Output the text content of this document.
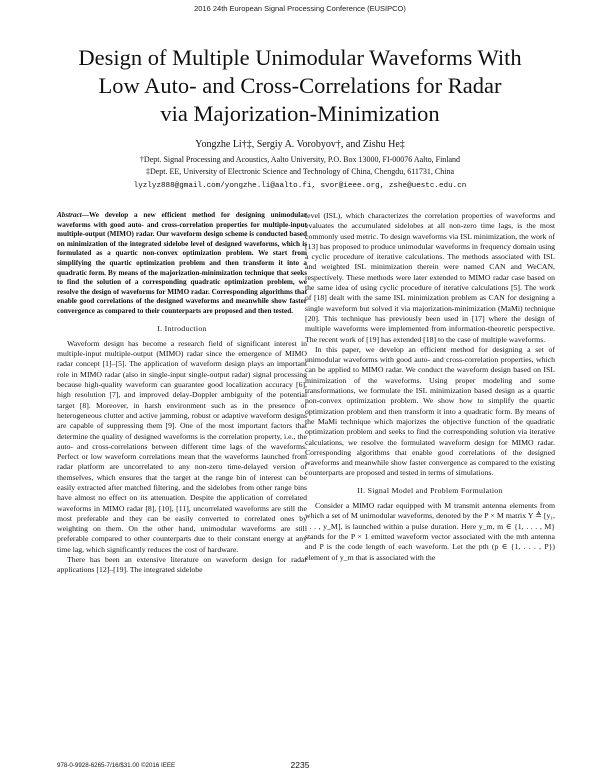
2016 24th European Signal Processing Conference (EUSIPCO)
Design of Multiple Unimodular Waveforms With
Low Auto- and Cross-Correlations for Radar
via Majorization-Minimization
Yongzhe Li†‡, Sergiy A. Vorobyov†, and Zishu He‡
†Dept. Signal Processing and Acoustics, Aalto University, P.O. Box 13000, FI-00076 Aalto, Finland
‡Dept. EE, University of Electronic Science and Technology of China, Chengdu, 611731, China
lyzlyz888@gmail.com/yongzhe.li@aalto.fi, svor@ieee.org, zshe@uestc.edu.cn
Abstract—We develop a new efficient method for designing unimodular waveforms with good auto- and cross-correlation properties for multiple-input multiple-output (MIMO) radar. Our waveform design scheme is conducted based on minimization of the integrated sidelobe level of designed waveforms, which is formulated as a quartic non-convex optimization problem. We start from simplifying the quartic optimization problem and then transform it into a quadratic form. By means of the majorization-minimization technique that seeks to find the solution of a corresponding quadratic optimization problem, we resolve the design of waveforms for MIMO radar. Corresponding algorithms that enable good correlations of the designed waveforms and meanwhile show faster convergence as compared to their counterparts are proposed and then tested.
I. Introduction

Waveform design has become a research field of significant interest in multiple-input multiple-output (MIMO) radar since the emergence of MIMO radar concept [1]–[5]. The application of waveform design plays an important role in MIMO radar (also in single-input single-output radar) signal processing because high-quality waveform can guarantee good localization accuracy [6], high resolution [7], and improved delay-Doppler ambiguity of the potential target [8]. Moreover, in harsh environment such as in the presence of heterogeneous clutter and active jamming, robust or adaptive waveform designs are capable of suppressing them [9]. One of the most important factors that determine the quality of designed waveforms is the correlation property, i.e., the auto- and cross-correlations between different time lags of the waveforms. Perfect or low waveform correlations mean that the waveforms launched from radar platform are uncorrelated to any non-zero time-delayed version of themselves, which ensures that the target at the range bin of interest can be easily extracted after matched filtering, and the sidelobes from other range bins have almost no effect on its attenuation. Despite the application of correlated waveforms in MIMO radar [8], [10], [11], uncorrelated waveforms are still the most preferable and they can be easily converted to correlated ones by weighting on them. On the other hand, unimodular waveforms are still preferable compared to other counterparts due to their constant energy at any time lag, which significantly reduces the cost of hardware.

There has been an extensive literature on waveform design for radar applications [12]–[19]. The integrated sidelobe

level (ISL), which characterizes the correlation properties of waveforms and evaluates the accumulated sidelobes at all non-zero time lags, is the most commonly used metric. To design waveforms via ISL minimization, the work of [13] has proposed to produce unimodular waveforms in frequency domain using a cyclic procedure of iterative calculations. The methods associated with ISL and weighted ISL minimization therein were named CAN and WeCAN, respectively. These methods were later extended to MIMO radar case based on the same idea of using cyclic procedure of iterative calculations [5]. The work of [18] dealt with the same ISL minimization problem as CAN for designing a single waveform but solved it via majorization-minimization (MaMi) technique [20]. This technique has previously been used in [17] where the design of multiple waveforms were implemented from information-theoretic perspective. The recent work of [19] has extended [18] to the case of multiple waveforms.

In this paper, we develop an efficient method for designing a set of unimodular waveforms with good auto- and cross-correlation properties, which can be applied to MIMO radar. We conduct the waveform design based on ISL minimization of the waveforms. Using proper modeling and some transformations, we formulate the ISL minimization based design as a quartic non-convex optimization problem. We show how to simplify the quartic optimization problem and then transform it into a quadratic form. By means of the MaMi technique which majorizes the objective function of the quadratic optimization problem and seeks to find the corresponding solution via iterative calculations, we resolve the formulated waveform design for MIMO radar. Corresponding algorithms that enable good correlations of the designed waveforms and meanwhile show faster convergence as compared to the existing counterparts are proposed and tested in terms of simulations.

II. Signal Model and Problem Formulation

Consider a MIMO radar equipped with M transmit antenna elements from which a set of M unimodular waveforms, denoted by the P × M matrix Y ≜ [y₁, . . . , y_M], is launched within a pulse duration. Here y_m, m ∈ {1, . . . , M} stands for the P × 1 emitted waveform vector associated with the mth antenna and P is the code length of each waveform. Let the pth (p ∈ {1, . . . , P}) element of y_m that is associated with the

978-0-9928-6265-7/16/$31.00 ©2016 IEEE	2235
